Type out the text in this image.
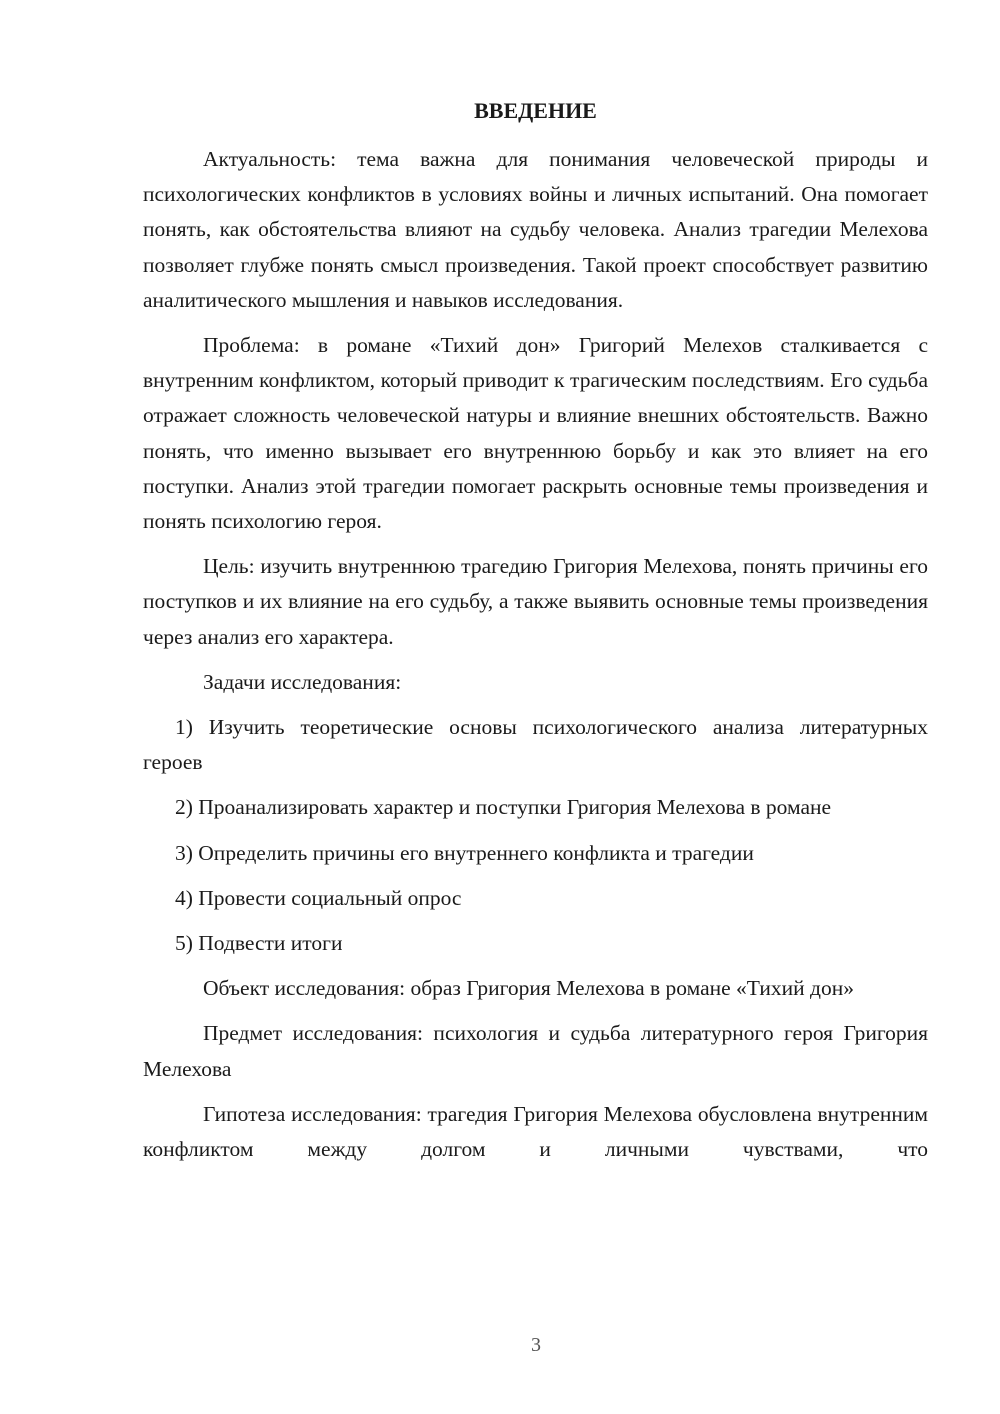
ВВЕДЕНИЕ

Актуальность: тема важна для понимания человеческой природы и психологических конфликтов в условиях войны и личных испытаний. Она помогает понять, как обстоятельства влияют на судьбу человека. Анализ трагедии Мелехова позволяет глубже понять смысл произведения. Такой проект способствует развитию аналитического мышления и навыков исследования.

Проблема: в романе «Тихий дон» Григорий Мелехов сталкивается с внутренним конфликтом, который приводит к трагическим последствиям. Его судьба отражает сложность человеческой натуры и влияние внешних обстоятельств. Важно понять, что именно вызывает его внутреннюю борьбу и как это влияет на его поступки. Анализ этой трагедии помогает раскрыть основные темы произведения и понять психологию героя.

Цель: изучить внутреннюю трагедию Григория Мелехова, понять причины его поступков и их влияние на его судьбу, а также выявить основные темы произведения через анализ его характера.

Задачи исследования:

1) Изучить теоретические основы психологического анализа литературных героев

2) Проанализировать характер и поступки Григория Мелехова в романе

3) Определить причины его внутреннего конфликта и трагедии

4) Провести социальный опрос

5) Подвести итоги

Объект исследования: образ Григория Мелехова в романе «Тихий дон»

Предмет исследования: психология и судьба литературного героя Григория Мелехова

Гипотеза исследования: трагедия Григория Мелехова обусловлена внутренним конфликтом между долгом и личными чувствами, что

3
